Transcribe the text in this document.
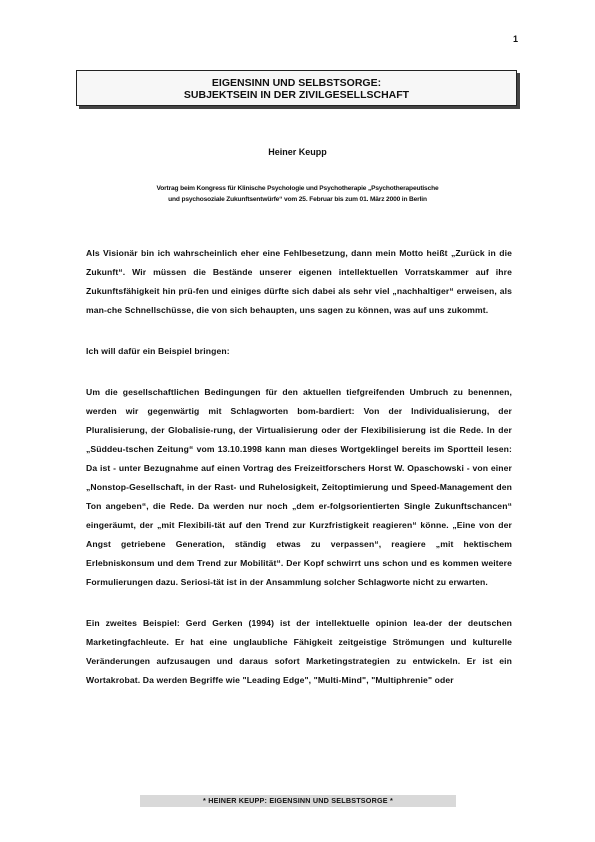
1
EIGENSINN UND SELBSTSORGE:
SUBJEKTSEIN IN DER ZIVILGESELLSCHAFT
Heiner Keupp
Vortrag beim Kongress für Klinische Psychologie und Psychotherapie „Psychotherapeutische
und psychosoziale Zukunftsentwürfe“ vom 25. Februar bis zum 01. März 2000 in Berlin

Als Visionär bin ich wahrscheinlich eher eine Fehlbesetzung, dann mein Motto heißt „Zurück in die Zukunft“. Wir müssen die Bestände unserer eigenen intellektuellen Vorratskammer auf ihre Zukunftsfähigkeit hin prü-fen und einiges dürfte sich dabei als sehr viel „nachhaltiger“ erweisen, als man-che Schnellschüsse, die von sich behaupten, uns sagen zu können, was auf uns zukommt.

Ich will dafür ein Beispiel bringen:

Um die gesellschaftlichen Bedingungen für den aktuellen tiefgreifenden Umbruch zu benennen, werden wir gegenwärtig mit Schlagworten bom-bardiert: Von der Individualisierung, der Pluralisierung, der Globalisie-rung, der Virtualisierung oder der Flexibilisierung ist die Rede. In der „Süddeu-tschen Zeitung“ vom 13.10.1998 kann man dieses Wortgeklingel bereits im Sportteil lesen: Da ist - unter Bezugnahme auf einen Vortrag des Freizeitforschers Horst W. Opaschowski - von einer „Nonstop-Gesellschaft, in der Rast- und Ruhelosigkeit, Zeitoptimierung und Speed-Management den Ton angeben“, die Rede. Da werden nur noch „dem er-folgsorientierten Single Zukunftschancen“ eingeräumt, der „mit Flexibili-tät auf den Trend zur Kurzfristigkeit reagieren“ könne. „Eine von der Angst getriebene Generation, ständig etwas zu verpassen“, reagiere „mit hektischem Erlebniskonsum und dem Trend zur Mobilität“. Der Kopf schwirrt uns schon und es kommen weitere Formulierungen dazu. Seriosi-tät ist in der Ansammlung solcher Schlagworte nicht zu erwarten.

Ein zweites Beispiel: Gerd Gerken (1994) ist der intellektuelle opinion lea-der der deutschen Marketingfachleute. Er hat eine unglaubliche Fähigkeit zeitgeistige Strömungen und kulturelle Veränderungen aufzusaugen und daraus sofort Marketingstrategien zu entwickeln. Er ist ein Wortakrobat. Da werden Begriffe wie "Leading Edge", "Multi-Mind", "Multiphrenie" oder

* HEINER KEUPP: EIGENSINN UND SELBSTSORGE *
